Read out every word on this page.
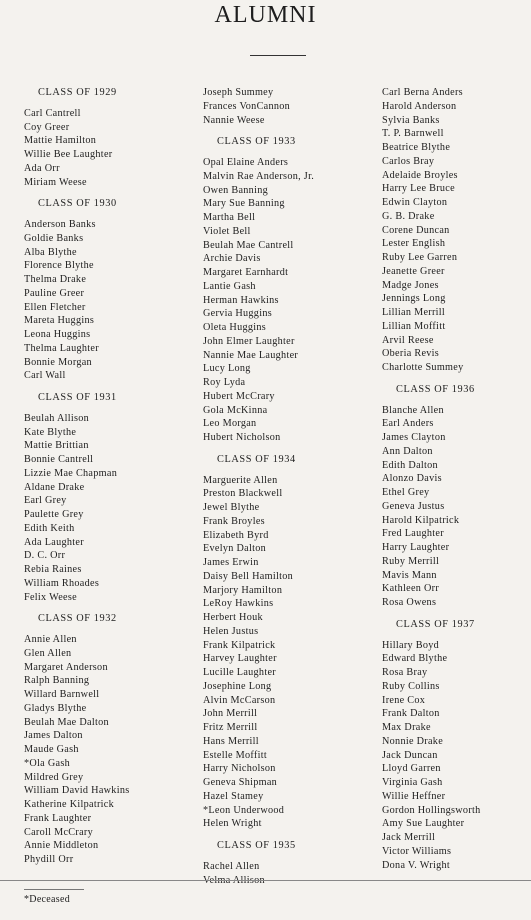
ALUMNI
CLASS OF 1929
Carl Cantrell
Coy Greer
Mattie Hamilton
Willie Bee Laughter
Ada Orr
Miriam Weese
CLASS OF 1930
Anderson Banks
Goldie Banks
Alba Blythe
Florence Blythe
Thelma Drake
Pauline Greer
Ellen Fletcher
Mareta Huggins
Leona Huggins
Thelma Laughter
Bonnie Morgan
Carl Wall
CLASS OF 1931
Beulah Allison
Kate Blythe
Mattie Brittian
Bonnie Cantrell
Lizzie Mae Chapman
Aldane Drake
Earl Grey
Paulette Grey
Edith Keith
Ada Laughter
D. C. Orr
Rebia Raines
William Rhoades
Felix Weese
CLASS OF 1932
Annie Allen
Glen Allen
Margaret Anderson
Ralph Banning
Willard Barnwell
Gladys Blythe
Beulah Mae Dalton
James Dalton
Maude Gash
*Ola Gash
Mildred Grey
William David Hawkins
Katherine Kilpatrick
Frank Laughter
Caroll McCrary
Annie Middleton
Phydill Orr
Joseph Summey
Frances VonCannon
Nannie Weese
CLASS OF 1933
Opal Elaine Anders
Malvin Rae Anderson, Jr.
Owen Banning
Mary Sue Banning
Martha Bell
Violet Bell
Beulah Mae Cantrell
Archie Davis
Margaret Earnhardt
Lantie Gash
Herman Hawkins
Gervia Huggins
Oleta Huggins
John Elmer Laughter
Nannie Mae Laughter
Lucy Long
Roy Lyda
Hubert McCrary
Gola McKinna
Leo Morgan
Hubert Nicholson
CLASS OF 1934
Marguerite Allen
Preston Blackwell
Jewel Blythe
Frank Broyles
Elizabeth Byrd
Evelyn Dalton
James Erwin
Daisy Bell Hamilton
Marjory Hamilton
LeRoy Hawkins
Herbert Houk
Helen Justus
Frank Kilpatrick
Harvey Laughter
Lucille Laughter
Josephine Long
Alvin McCarson
John Merrill
Fritz Merrill
Hans Merrill
Estelle Moffitt
Harry Nicholson
Geneva Shipman
Hazel Stamey
*Leon Underwood
Helen Wright
CLASS OF 1935
Rachel Allen
Velma Allison
Carl Berna Anders
Harold Anderson
Sylvia Banks
T. P. Barnwell
Beatrice Blythe
Carlos Bray
Adelaide Broyles
Harry Lee Bruce
Edwin Clayton
G. B. Drake
Corene Duncan
Lester English
Ruby Lee Garren
Jeanette Greer
Madge Jones
Jennings Long
Lillian Merrill
Lillian Moffitt
Arvil Reese
Oberia Revis
Charlotte Summey
CLASS OF 1936
Blanche Allen
Earl Anders
James Clayton
Ann Dalton
Edith Dalton
Alonzo Davis
Ethel Grey
Geneva Justus
Harold Kilpatrick
Fred Laughter
Harry Laughter
Ruby Merrill
Mavis Mann
Kathleen Orr
Rosa Owens
CLASS OF 1937
Hillary Boyd
Edward Blythe
Rosa Bray
Ruby Collins
Irene Cox
Frank Dalton
Max Drake
Nonnie Drake
Jack Duncan
Lloyd Garren
Virginia Gash
Willie Heffner
Gordon Hollingsworth
Amy Sue Laughter
Jack Merrill
Victor Williams
Dona V. Wright
*Deceased
